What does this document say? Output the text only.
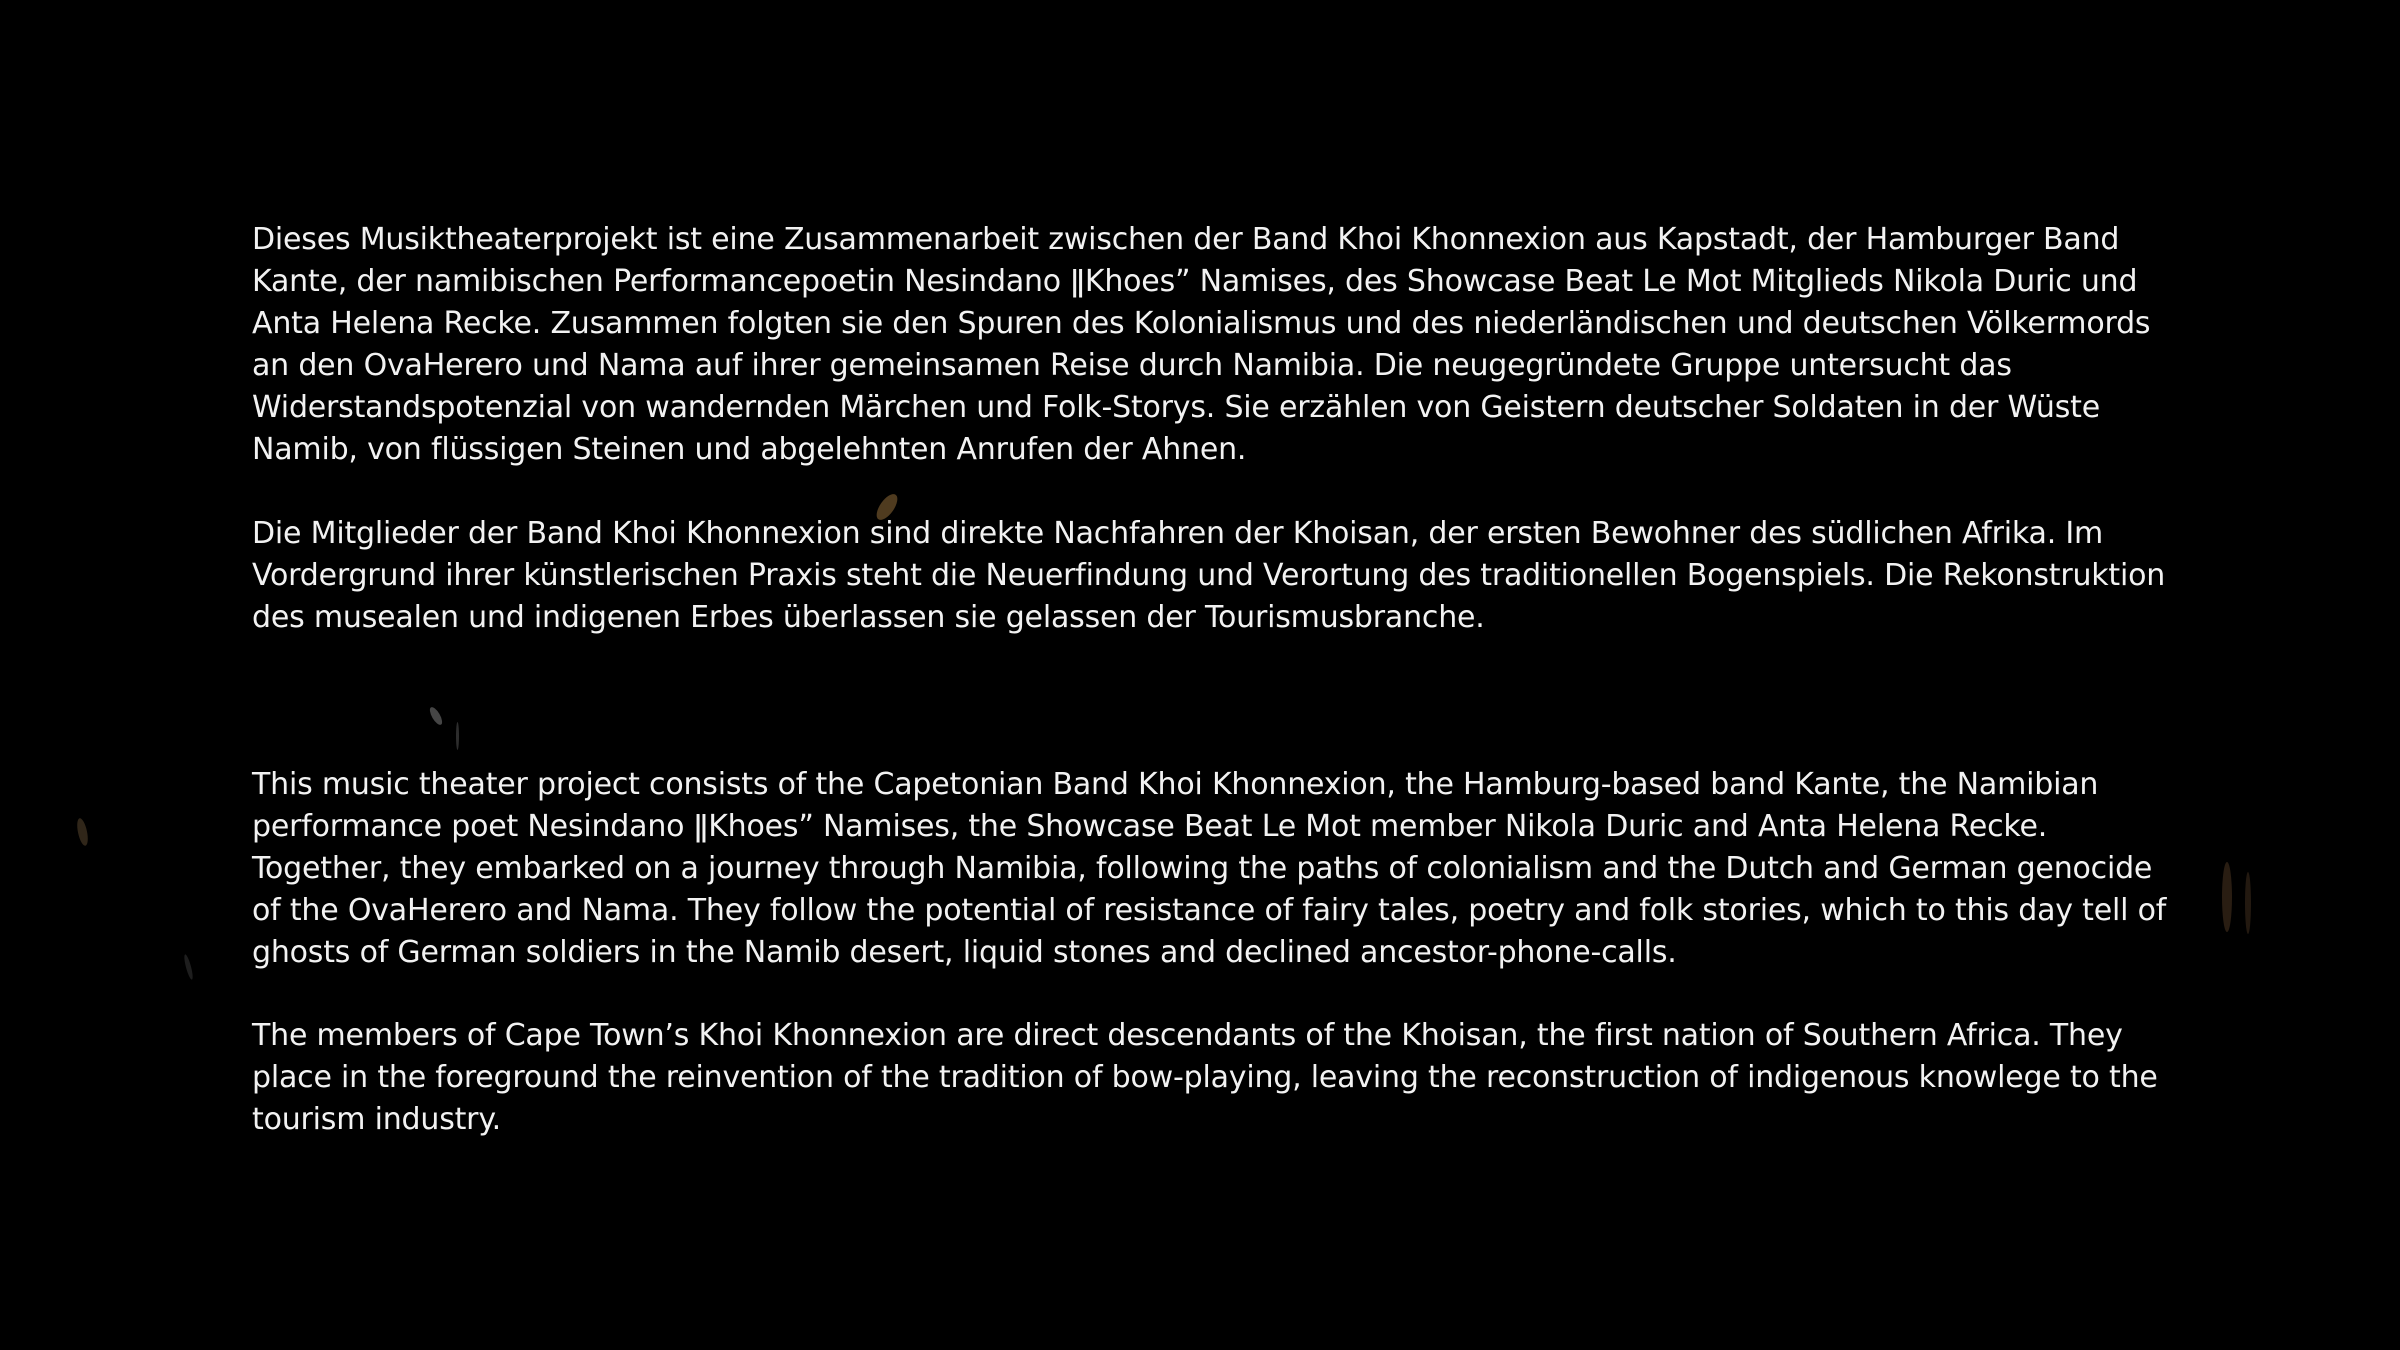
Dieses Musiktheaterprojekt ist eine Zusammenarbeit zwischen der Band Khoi Khonnexion aus Kapstadt, der Hamburger Band Kante, der namibischen Performancepoetin Nesindano ǁKhoes” Namises, des Showcase Beat Le Mot Mitglieds Nikola Duric und Anta Helena Recke. Zusammen folgten sie den Spuren des Kolonialismus und des niederländischen und deutschen Völkermords an den OvaHerero und Nama auf ihrer gemeinsamen Reise durch Namibia. Die neugegründete Gruppe untersucht das Widerstandspotenzial von wandernden Märchen und Folk-Storys. Sie erzählen von Geistern deutscher Soldaten in der Wüste Namib, von flüssigen Steinen und abgelehnten Anrufen der Ahnen.

Die Mitglieder der Band Khoi Khonnexion sind direkte Nachfahren der Khoisan, der ersten Bewohner des südlichen Afrika. Im Vordergrund ihrer künstlerischen Praxis steht die Neuerfindung und Verortung des traditionellen Bogenspiels. Die Rekonstruktion des musealen und indigenen Erbes überlassen sie gelassen der Tourismusbranche.

This music theater project consists of the Capetonian Band Khoi Khonnexion, the Hamburg-based band Kante, the Namibian performance poet Nesindano ǁKhoes” Namises, the Showcase Beat Le Mot member Nikola Duric and Anta Helena Recke. Together, they embarked on a journey through Namibia, following the paths of colonialism and the Dutch and German genocide of the OvaHerero and Nama. They follow the potential of resistance of fairy tales, poetry and folk stories, which to this day tell of ghosts of German soldiers in the Namib desert, liquid stones and declined ancestor-phone-calls.

The members of Cape Town’s Khoi Khonnexion are direct descendants of the Khoisan, the first nation of Southern Africa. They place in the foreground the reinvention of the tradition of bow-playing, leaving the reconstruction of indigenous knowlege to the tourism industry.
